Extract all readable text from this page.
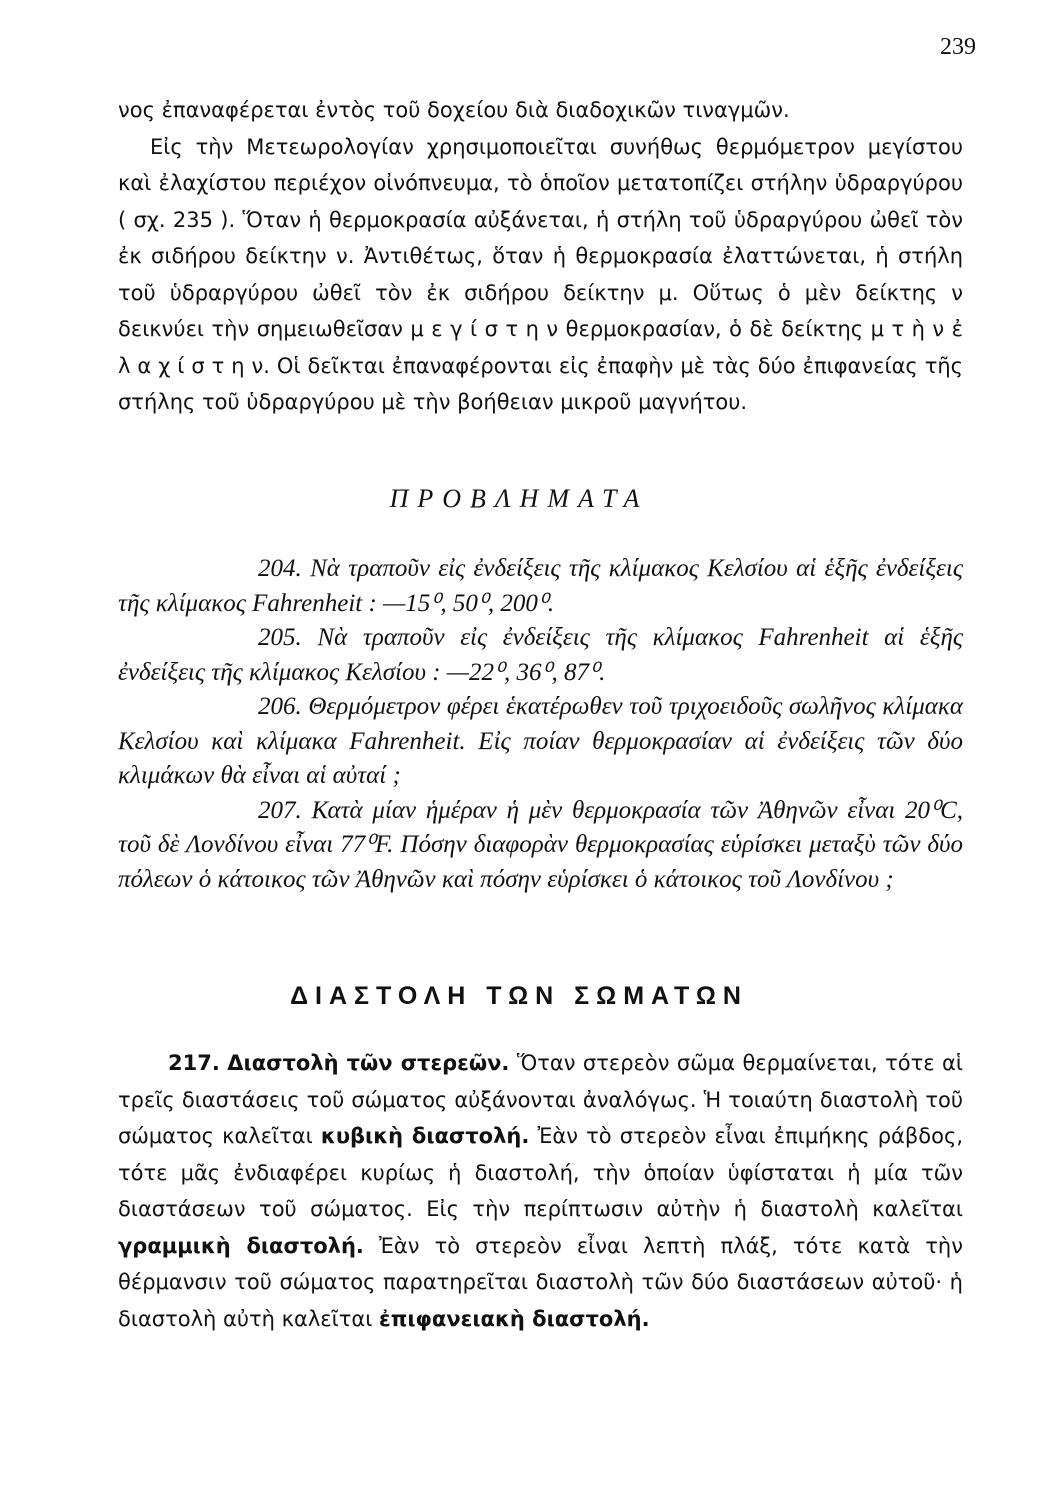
239

νος ἐπαναφέρεται ἐντὸς τοῦ δοχείου διὰ διαδοχικῶν τιναγμῶν.

Εἰς τὴν Μετεωρολογίαν χρησιμοποιεῖται συνήθως θερμόμετρον μεγίστου καὶ ἐλαχίστου περιέχον οἰνόπνευμα, τὸ ὁποῖον μετατοπίζει στήλην ὑδραργύρου ( σχ. 235 ). Ὅταν ἡ θερμοκρασία αὐξάνεται, ἡ στήλη τοῦ ὑδραργύρου ὠθεῖ τὸν ἐκ σιδήρου δείκτην ν. Ἀντιθέτως, ὅταν ἡ θερμοκρασία ἐλαττώνεται, ἡ στήλη τοῦ ὑδραργύρου ὠθεῖ τὸν ἐκ σιδήρου δείκτην μ. Οὕτως ὁ μὲν δείκτης ν δεικνύει τὴν σημειωθεῖσαν μ ε γ ί σ τ η ν θερμοκρασίαν, ὁ δὲ δείκτης μ τ ὴ ν ἐ λ α χ ί σ τ η ν. Οἱ δεῖκται ἐπαναφέρονται εἰς ἐπαφὴν μὲ τὰς δύο ἐπιφανείας τῆς στήλης τοῦ ὑδραργύρου μὲ τὴν βοήθειαν μικροῦ μαγνήτου.

ΠΡΟΒΛΗΜΑΤΑ

204. Νὰ τραποῦν εἰς ἐνδείξεις τῆς κλίμακος Κελσίου αἱ ἑξῆς ἐνδείξεις τῆς κλίμακος Fahrenheit : —15⁰, 50⁰, 200⁰.

205. Νὰ τραποῦν εἰς ἐνδείξεις τῆς κλίμακος Fahrenheit αἱ ἑξῆς ἐνδείξεις τῆς κλίμακος Κελσίου : —22⁰, 36⁰, 87⁰.

206. Θερμόμετρον φέρει ἑκατέρωθεν τοῦ τριχοειδοῦς σωλῆνος κλίμακα Κελσίου καὶ κλίμακα Fahrenheit. Εἰς ποίαν θερμοκρασίαν αἱ ἐνδείξεις τῶν δύο κλιμάκων θὰ εἶναι αἱ αὐταί ;

207. Κατὰ μίαν ἡμέραν ἡ μὲν θερμοκρασία τῶν Ἀθηνῶν εἶναι 20⁰C, τοῦ δὲ Λονδίνου εἶναι 77⁰F. Πόσην διαφορὰν θερμοκρασίας εὑρίσκει μεταξὺ τῶν δύο πόλεων ὁ κάτοικος τῶν Ἀθηνῶν καὶ πόσην εὑρίσκει ὁ κάτοικος τοῦ Λονδίνου ;

ΔΙΑΣΤΟΛΗ ΤΩΝ ΣΩΜΑΤΩΝ

217. Διαστολὴ τῶν στερεῶν. Ὅταν στερεὸν σῶμα θερμαίνεται, τότε αἱ τρεῖς διαστάσεις τοῦ σώματος αὐξάνονται ἀναλόγως. Ἡ τοιαύτη διαστολὴ τοῦ σώματος καλεῖται κυβικὴ διαστολή. Ἐὰν τὸ στερεὸν εἶναι ἐπιμήκης ράβδος, τότε μᾶς ἐνδιαφέρει κυρίως ἡ διαστολή, τὴν ὁποίαν ὑφίσταται ἡ μία τῶν διαστάσεων τοῦ σώματος. Εἰς τὴν περίπτωσιν αὐτὴν ἡ διαστολὴ καλεῖται γραμμικὴ διαστολή. Ἐὰν τὸ στερεὸν εἶναι λεπτὴ πλάξ, τότε κατὰ τὴν θέρμανσιν τοῦ σώματος παρατηρεῖται διαστολὴ τῶν δύο διαστάσεων αὐτοῦ· ἡ διαστολὴ αὐτὴ καλεῖται ἐπιφανειακὴ διαστολή.
